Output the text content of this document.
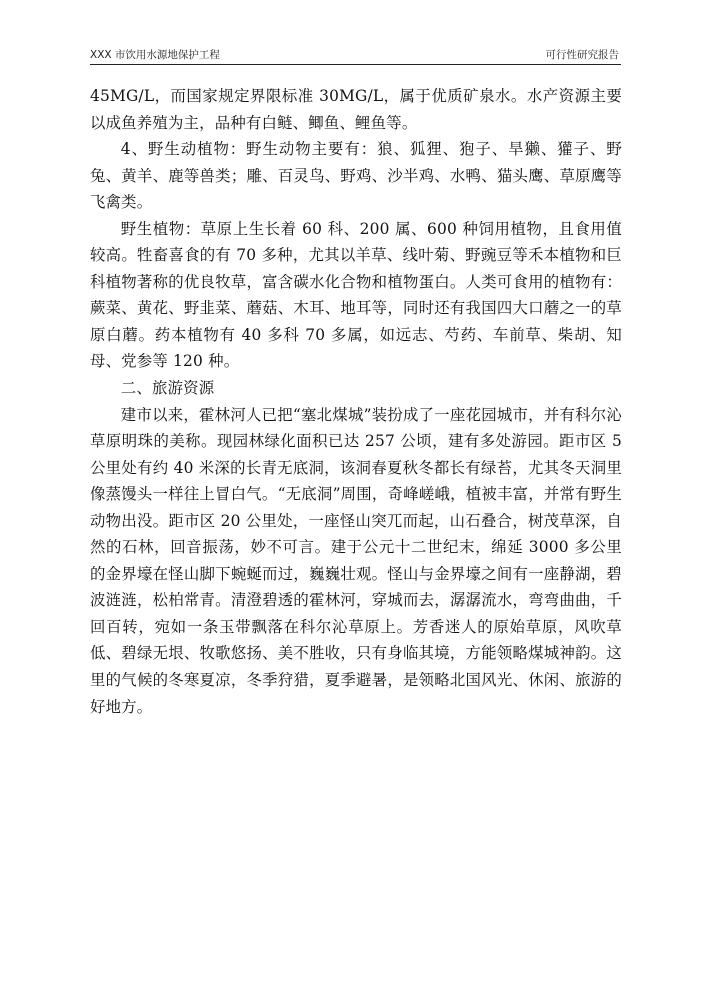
XXX 市饮用水源地保护工程	可行性研究报告

45MG/L，而国家规定界限标准 30MG/L，属于优质矿泉水。水产资源主要以成鱼养殖为主，品种有白鲢、鲫鱼、鲤鱼等。

4、野生动植物：野生动物主要有：狼、狐狸、狍子、旱獭、獾子、野兔、黄羊、鹿等兽类；雕、百灵鸟、野鸡、沙半鸡、水鸭、猫头鹰、草原鹰等飞禽类。

野生植物：草原上生长着 60 科、200 属、600 种饲用植物，且食用值较高。牲畜喜食的有 70 多种，尤其以羊草、线叶菊、野豌豆等禾本植物和巨科植物著称的优良牧草，富含碳水化合物和植物蛋白。人类可食用的植物有：蕨菜、黄花、野韭菜、蘑菇、木耳、地耳等，同时还有我国四大口蘑之一的草原白蘑。药本植物有 40 多科 70 多属，如远志、芍药、车前草、柴胡、知母、党参等 120 种。

二、旅游资源

建市以来，霍林河人已把“塞北煤城”装扮成了一座花园城市，并有科尔沁草原明珠的美称。现园林绿化面积已达 257 公顷，建有多处游园。距市区 5 公里处有约 40 米深的长青无底洞，该洞春夏秋冬都长有绿苔，尤其冬天洞里像蒸馒头一样往上冒白气。“无底洞”周围，奇峰嵯峨，植被丰富，并常有野生动物出没。距市区 20 公里处，一座怪山突兀而起，山石叠合，树茂草深，自然的石林，回音振荡，妙不可言。建于公元十二世纪末，绵延 3000 多公里的金界壕在怪山脚下蜿蜒而过，巍巍壮观。怪山与金界壕之间有一座静湖，碧波涟涟，松柏常青。清澄碧透的霍林河，穿城而去，潺潺流水，弯弯曲曲，千回百转，宛如一条玉带飘落在科尔沁草原上。芳香迷人的原始草原，风吹草低、碧绿无垠、牧歌悠扬、美不胜收，只有身临其境，方能领略煤城神韵。这里的气候的冬寒夏凉，冬季狩猎，夏季避暑，是领略北国风光、休闲、旅游的好地方。
